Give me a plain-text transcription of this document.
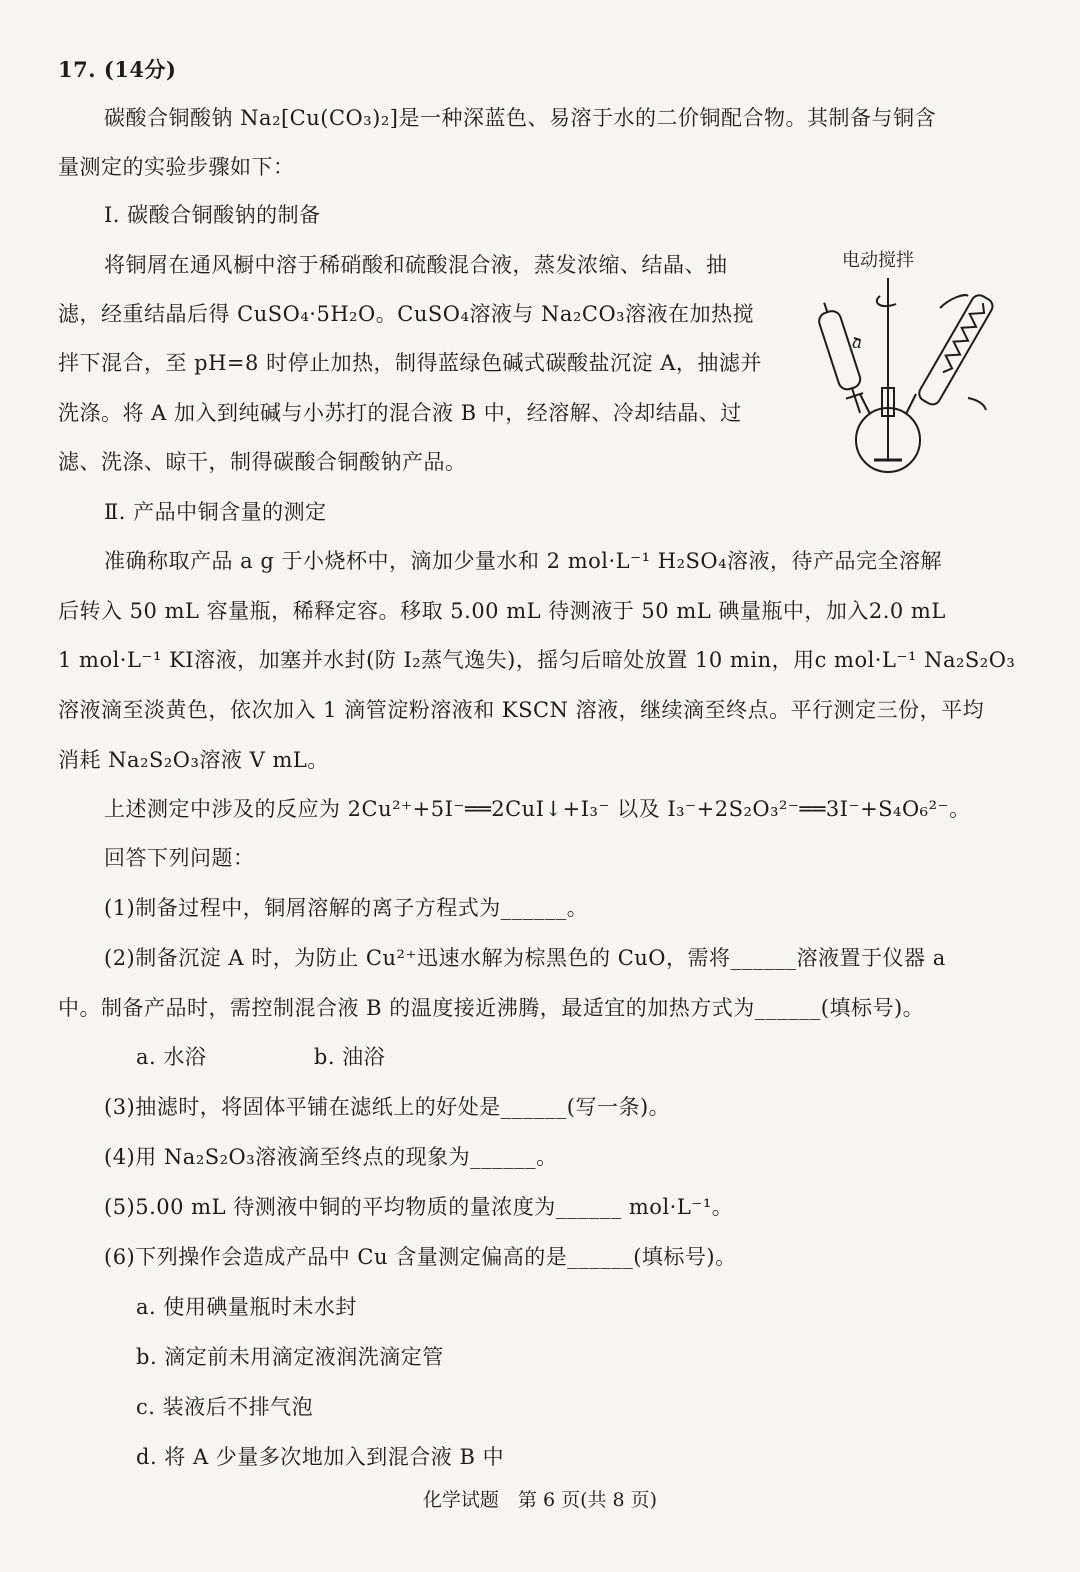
17. (14分)
碳酸合铜酸钠 Na₂[Cu(CO₃)₂]是一种深蓝色、易溶于水的二价铜配合物。其制备与铜含
量测定的实验步骤如下：
Ⅰ. 碳酸合铜酸钠的制备
将铜屑在通风橱中溶于稀硝酸和硫酸混合液，蒸发浓缩、结晶、抽
滤，经重结晶后得 CuSO₄·5H₂O。CuSO₄溶液与 Na₂CO₃溶液在加热搅
拌下混合，至 pH=8 时停止加热，制得蓝绿色碱式碳酸盐沉淀 A，抽滤并
洗涤。将 A 加入到纯碱与小苏打的混合液 B 中，经溶解、冷却结晶、过
滤、洗涤、晾干，制得碳酸合铜酸钠产品。
电动搅拌
a
Ⅱ. 产品中铜含量的测定
准确称取产品 a g 于小烧杯中，滴加少量水和 2 mol·L⁻¹ H₂SO₄溶液，待产品完全溶解
后转入 50 mL 容量瓶，稀释定容。移取 5.00 mL 待测液于 50 mL 碘量瓶中，加入2.0 mL
1 mol·L⁻¹ KI溶液，加塞并水封(防 I₂蒸气逸失)，摇匀后暗处放置 10 min，用c mol·L⁻¹ Na₂S₂O₃
溶液滴至淡黄色，依次加入 1 滴管淀粉溶液和 KSCN 溶液，继续滴至终点。平行测定三份，平均
消耗 Na₂S₂O₃溶液 V mL。
上述测定中涉及的反应为 2Cu²⁺+5I⁻══2CuI↓+I₃⁻ 以及 I₃⁻+2S₂O₃²⁻══3I⁻+S₄O₆²⁻。
回答下列问题：
(1)制备过程中，铜屑溶解的离子方程式为______。
(2)制备沉淀 A 时，为防止 Cu²⁺迅速水解为棕黑色的 CuO，需将______溶液置于仪器 a
中。制备产品时，需控制混合液 B 的温度接近沸腾，最适宜的加热方式为______(填标号)。
a. 水浴　　　　　b. 油浴
(3)抽滤时，将固体平铺在滤纸上的好处是______(写一条)。
(4)用 Na₂S₂O₃溶液滴至终点的现象为______。
(5)5.00 mL 待测液中铜的平均物质的量浓度为______ mol·L⁻¹。
(6)下列操作会造成产品中 Cu 含量测定偏高的是______(填标号)。
a. 使用碘量瓶时未水封
b. 滴定前未用滴定液润洗滴定管
c. 装液后不排气泡
d. 将 A 少量多次地加入到混合液 B 中
化学试题　第 6 页(共 8 页)
